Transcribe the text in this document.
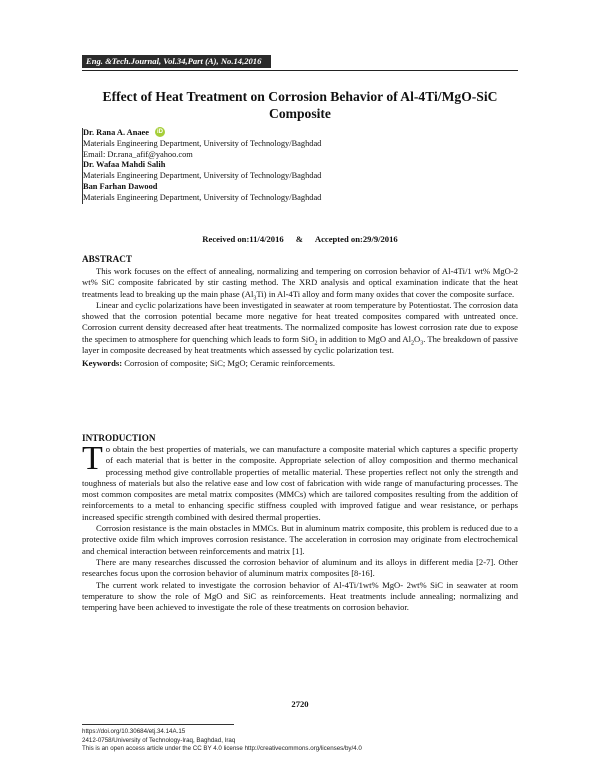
Eng. &Tech.Journal, Vol.34,Part (A), No.14,2016
Effect of Heat Treatment on Corrosion Behavior of Al-4Ti/MgO-SiC
Composite
Dr. Rana A. Anaee iD
Materials Engineering Department, University of Technology/Baghdad
Email: Dr.rana_afif@yahoo.com
Dr. Wafaa Mahdi Salih
Materials Engineering Department, University of Technology/Baghdad
Ban Farhan Dawood
Materials Engineering Department, University of Technology/Baghdad
Received on:11/4/2016 & Accepted on:29/9/2016
ABSTRACT

This work focuses on the effect of annealing, normalizing and tempering on corrosion behavior of Al-4Ti/1 wt% MgO-2 wt% SiC composite fabricated by stir casting method. The XRD analysis and optical examination indicate that the heat treatments lead to breaking up the main phase $(Al_3Ti)$ in Al-4Ti alloy and form many oxides that cover the composite surface.

Linear and cyclic polarizations have been investigated in seawater at room temperature by Potentiostat. The corrosion data showed that the corrosion potential became more negative for heat treated composites compared with untreated once. Corrosion current density decreased after heat treatments. The normalized composite has lowest corrosion rate due to expose the specimen to atmosphere for quenching which leads to form SiO$_2$ in addition to MgO and $Al_2O_3$. The breakdown of passive layer in composite decreased by heat treatments which assessed by cyclic polarization test.

Keywords: Corrosion of composite; SiC; MgO; Ceramic reinforcements.

INTRODUCTION

To obtain the best properties of materials, we can manufacture a composite material which captures a specific property of each material that is better in the composite. Appropriate selection of alloy composition and thermo mechanical processing method give controllable properties of metallic material. These properties reflect not only the strength and toughness of materials but also the relative ease and low cost of fabrication with wide range of manufacturing processes. The most common composites are metal matrix composites (MMCs) which are tailored composites resulting from the addition of reinforcements to a metal to enhancing specific stiffness coupled with improved fatigue and wear resistance, or perhaps increased specific strength combined with desired thermal properties.

Corrosion resistance is the main obstacles in MMCs. But in aluminum matrix composite, this problem is reduced due to a protective oxide film which improves corrosion resistance. The acceleration in corrosion may originate from electrochemical and chemical interaction between reinforcements and matrix [1].

There are many researches discussed the corrosion behavior of aluminum and its alloys in different media [2-7]. Other researches focus upon the corrosion behavior of aluminum matrix composites [8-16].

The current work related to investigate the corrosion behavior of Al-4Ti/1wt% MgO- 2wt% SiC in seawater at room temperature to show the role of MgO and SiC as reinforcements. Heat treatments include annealing; normalizing and tempering have been achieved to investigate the role of these treatments on corrosion behavior.

2720
https://doi.org/10.30684/etj.34.14A.15
2412-0758/University of Technology-Iraq, Baghdad, Iraq
This is an open access article under the CC BY 4.0 license http://creativecommons.org/licenses/by/4.0
